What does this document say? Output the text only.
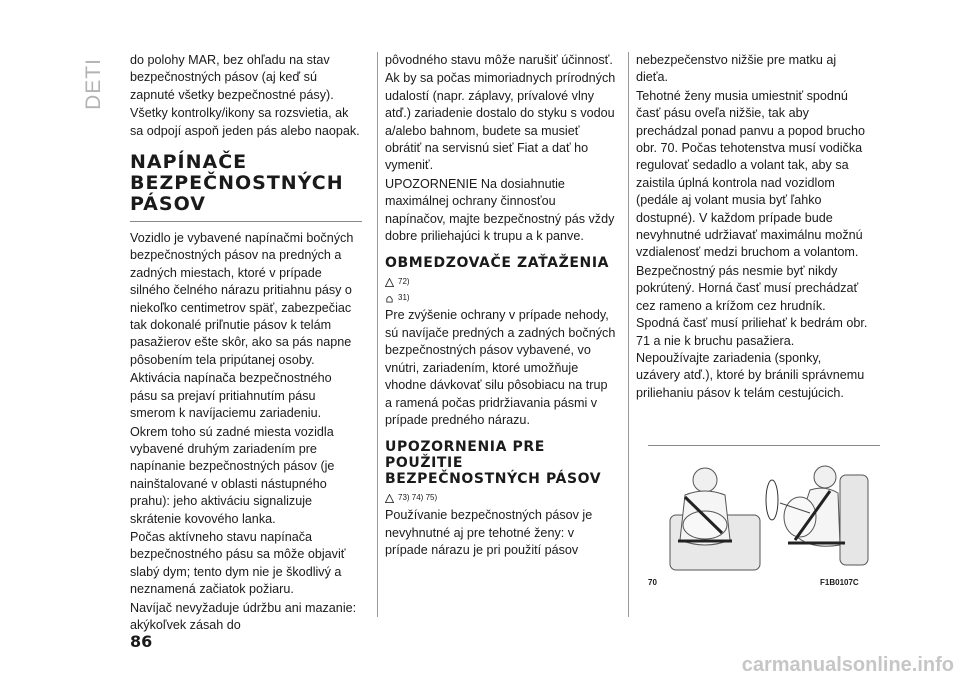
DETI do polohy MAR, bez ohľadu na stav bezpečnostných pásov (aj keď sú zapnuté všetky bezpečnostné pásy).

Všetky kontrolky/ikony sa rozsvietia, ak sa odpojí aspoň jeden pás alebo naopak.

NAPÍNAČE BEZPEČNOSTNÝCH PÁSOV

Vozidlo je vybavené napínačmi bočných bezpečnostných pásov na predných a zadných miestach, ktoré v prípade silného čelného nárazu pritiahnu pásy o niekoľko centimetrov späť, zabezpečiac tak dokonalé priľnutie pásov k telám pasažierov ešte skôr, ako sa pás napne pôsobením tela pripútanej osoby.

Aktivácia napínača bezpečnostného pásu sa prejaví pritiahnutím pásu smerom k navíjaciemu zariadeniu.

Okrem toho sú zadné miesta vozidla vybavené druhým zariadením pre napínanie bezpečnostných pásov (je nainštalované v oblasti nástupného prahu): jeho aktiváciu signalizuje skrátenie kovového lanka.

Počas aktívneho stavu napínača bezpečnostného pásu sa môže objaviť slabý dym; tento dym nie je škodlivý a neznamená začiatok požiaru.

Navíjač nevyžaduje údržbu ani mazanie: akýkoľvek zásah do

pôvodného stavu môže narušiť účinnosť.

Ak by sa počas mimoriadnych prírodných udalostí (napr. záplavy, prívalové vlny atď.) zariadenie dostalo do styku s vodou a/alebo bahnom, budete sa musieť obrátiť na servisnú sieť Fiat a dať ho vymeniť.

UPOZORNENIE Na dosiahnutie maximálnej ochrany činnosťou napínačov, majte bezpečnostný pás vždy dobre priliehajúci k trupu a k panve.

OBMEDZOVAČE ZAŤAŽENIA
72)
31)

Pre zvýšenie ochrany v prípade nehody, sú navíjače predných a zadných bočných bezpečnostných pásov vybavené, vo vnútri, zariadením, ktoré umožňuje vhodne dávkovať silu pôsobiacu na trup a ramená počas pridržiavania pásmi v prípade predného nárazu.

UPOZORNENIA PRE POUŽITIE BEZPEČNOSTNÝCH PÁSOV
73) 74) 75)

Používanie bezpečnostných pásov je nevyhnutné aj pre tehotné ženy: v prípade nárazu je pri použití pásov

nebezpečenstvo nižšie pre matku aj dieťa.

Tehotné ženy musia umiestniť spodnú časť pásu oveľa nižšie, tak aby prechádzal ponad panvu a popod brucho obr. 70. Počas tehotenstva musí vodička regulovať sedadlo a volant tak, aby sa zaistila úplná kontrola nad vozidlom (pedále aj volant musia byť ľahko dostupné). V každom prípade bude nevyhnutné udržiavať maximálnu možnú vzdialenosť medzi bruchom a volantom.

Bezpečnostný pás nesmie byť nikdy pokrútený. Horná časť musí prechádzať cez rameno a krížom cez hrudník. Spodná časť musí priliehať k bedrám obr. 71 a nie k bruchu pasažiera. Nepoužívajte zariadenia (sponky, uzávery atď.), ktoré by bránili správnemu priliehaniu pásov k telám cestujúcich.

70	F1B0107C
86
carmanualsonline.info
